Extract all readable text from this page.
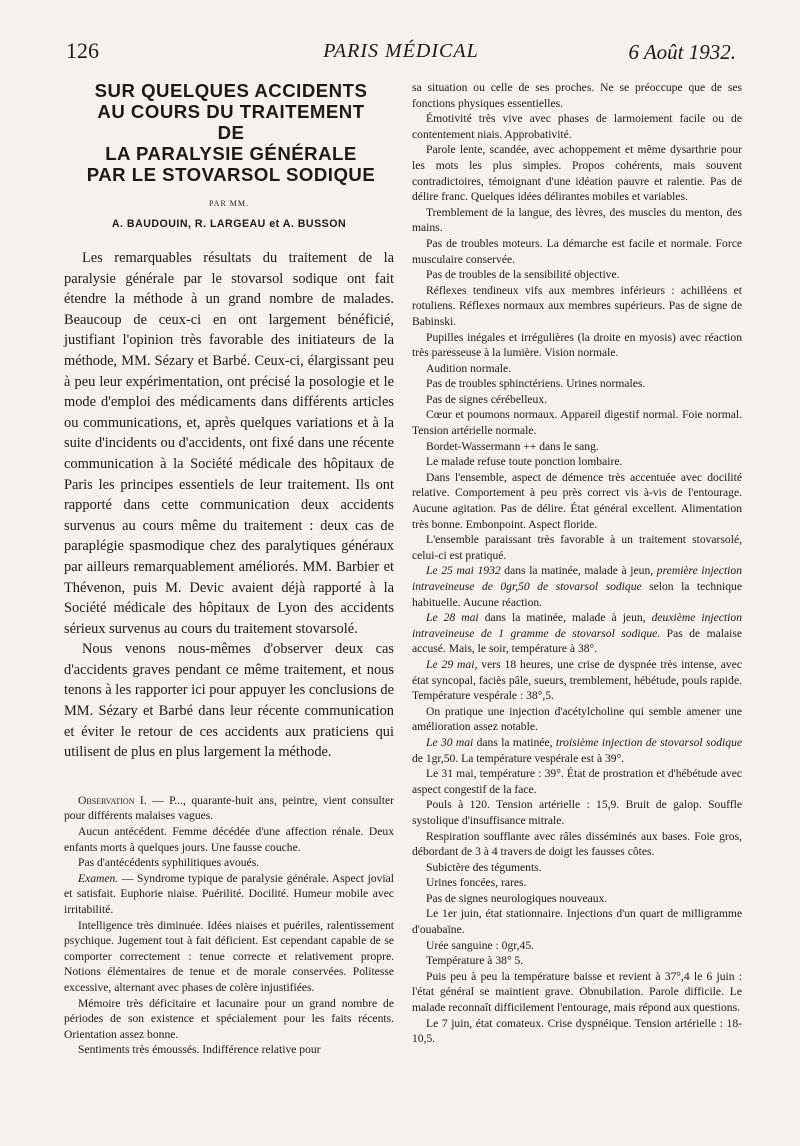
126	PARIS MÉDICAL	6 Août 1932.
SUR QUELQUES ACCIDENTS
AU COURS DU TRAITEMENT
DE
LA PARALYSIE GÉNÉRALE
PAR LE STOVARSOL SODIQUE
PAR MM.
A. BAUDOUIN, R. LARGEAU et A. BUSSON

Les remarquables résultats du traitement de la paralysie générale par le stovarsol sodique ont fait étendre la méthode à un grand nombre de malades. Beaucoup de ceux-ci en ont largement bénéficié, justifiant l'opinion très favorable des initiateurs de la méthode, MM. Sézary et Barbé. Ceux-ci, élargissant peu à peu leur expérimentation, ont précisé la posologie et le mode d'emploi des médicaments dans différents articles ou communications, et, après quelques variations et à la suite d'incidents ou d'accidents, ont fixé dans une récente communication à la Société médicale des hôpitaux de Paris les principes essentiels de leur traitement. Ils ont rapporté dans cette communication deux accidents survenus au cours même du traitement : deux cas de paraplégie spasmodique chez des paralytiques généraux par ailleurs remarquablement améliorés. MM. Barbier et Thévenon, puis M. Devic avaient déjà rapporté à la Société médicale des hôpitaux de Lyon des accidents sérieux survenus au cours du traitement stovarsolé.

Nous venons nous-mêmes d'observer deux cas d'accidents graves pendant ce même traitement, et nous tenons à les rapporter ici pour appuyer les conclusions de MM. Sézary et Barbé dans leur récente communication et éviter le retour de ces accidents aux praticiens qui utilisent de plus en plus largement la méthode.

Observation I. — P..., quarante-huit ans, peintre, vient consulter pour différents malaises vagues.

Aucun antécédent. Femme décédée d'une affection rénale. Deux enfants morts à quelques jours. Une fausse couche.

Pas d'antécédents syphilitiques avoués.

Examen. — Syndrome typique de paralysie générale. Aspect jovial et satisfait. Euphorie niaise. Puérilité. Docilité. Humeur mobile avec irritabilité.

Intelligence très diminuée. Idées niaises et puériles, ralentissement psychique. Jugement tout à fait déficient. Est cependant capable de se comporter correctement : tenue correcte et relativement propre. Notions élémentaires de tenue et de morale conservées. Politesse excessive, alternant avec phases de colère injustifiées.

Mémoire très déficitaire et lacunaire pour un grand nombre de périodes de son existence et spécialement pour les faits récents. Orientation assez bonne.

Sentiments très émoussés. Indifférence relative pour

sa situation ou celle de ses proches. Ne se préoccupe que de ses fonctions physiques essentielles.

Émotivité très vive avec phases de larmoiement facile ou de contentement niais. Approbativité.

Parole lente, scandée, avec achoppement et même dysarthrie pour les mots les plus simples. Propos cohérents, mais souvent contradictoires, témoignant d'une idéation pauvre et ralentie. Pas de délire franc. Quelques idées délirantes mobiles et variables.

Tremblement de la langue, des lèvres, des muscles du menton, des mains.

Pas de troubles moteurs. La démarche est facile et normale. Force musculaire conservée.

Pas de troubles de la sensibilité objective.

Réflexes tendineux vifs aux membres inférieurs : achilléens et rotuliens. Réflexes normaux aux membres supérieurs. Pas de signe de Babinski.

Pupilles inégales et irrégulières (la droite en myosis) avec réaction très paresseuse à la lumière. Vision normale.

Audition normale.

Pas de troubles sphinctériens. Urines normales.

Pas de signes cérébelleux.

Cœur et poumons normaux. Appareil digestif normal. Foie normal. Tension artérielle normale.

Bordet-Wassermann ++ dans le sang.

Le malade refuse toute ponction lombaire.

Dans l'ensemble, aspect de démence très accentuée avec docilité relative. Comportement à peu près correct vis à-vis de l'entourage. Aucune agitation. Pas de délire. État général excellent. Alimentation très bonne. Embonpoint. Aspect floride.

L'ensemble paraissant très favorable à un traitement stovarsolé, celui-ci est pratiqué.

Le 25 mai 1932 dans la matinée, malade à jeun, première injection intraveineuse de 0gr,50 de stovarsol sodique selon la technique habituelle. Aucune réaction.

Le 28 mai dans la matinée, malade à jeun, deuxième injection intraveineuse de 1 gramme de stovarsol sodique. Pas de malaise accusé. Mais, le soir, température à 38°.

Le 29 mai, vers 18 heures, une crise de dyspnée très intense, avec état syncopal, faciès pâle, sueurs, tremblement, hébétude, pouls rapide. Température vespérale : 38°,5.

On pratique une injection d'acétylcholine qui semble amener une amélioration assez notable.

Le 30 mai dans la matinée, troisième injection de stovarsol sodique de 1gr,50. La température vespérale est à 39°.

Le 31 mai, température : 39°. État de prostration et d'hébétude avec aspect congestif de la face.

Pouls à 120. Tension artérielle : 15,9. Bruit de galop. Souffle systolique d'insuffisance mitrale.

Respiration soufflante avec râles disséminés aux bases. Foie gros, débordant de 3 à 4 travers de doigt les fausses côtes.

Subictère des téguments.

Urines foncées, rares.

Pas de signes neurologiques nouveaux.

Le 1er juin, état stationnaire. Injections d'un quart de milligramme d'ouabaïne.

Urée sanguine : 0gr,45.

Température à 38° 5.

Puis peu à peu la température baisse et revient à 37°,4 le 6 juin : l'état général se maintient grave. Obnubilation. Parole difficile. Le malade reconnaît difficilement l'entourage, mais répond aux questions.

Le 7 juin, état comateux. Crise dyspnéique. Tension artérielle : 18-10,5.
